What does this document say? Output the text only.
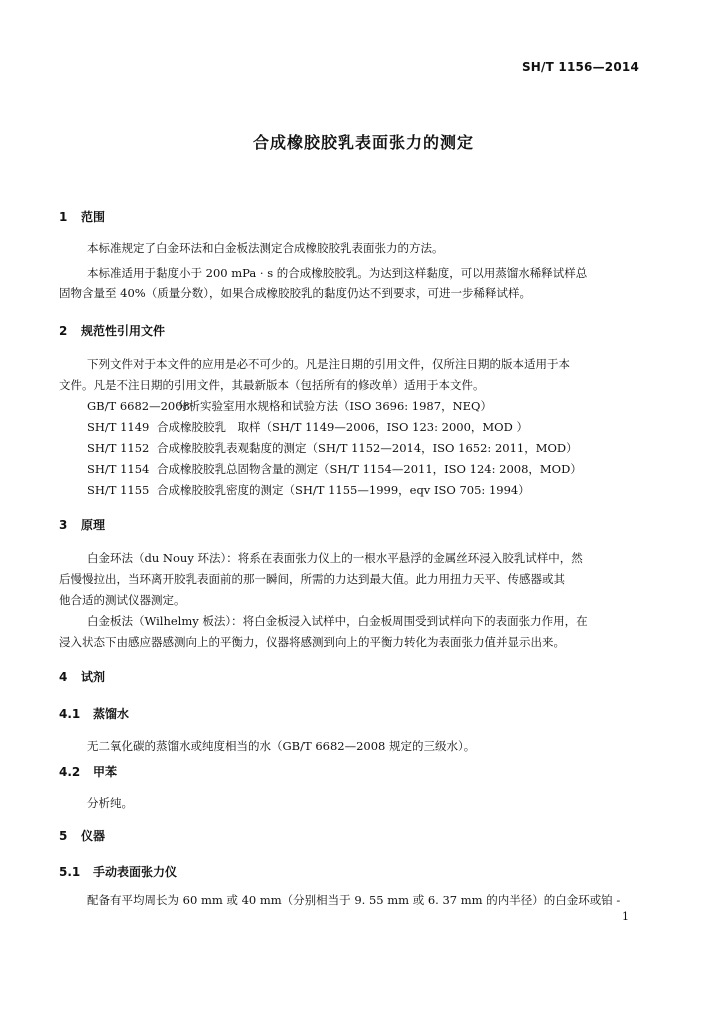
SH/T 1156—2014
合成橡胶胶乳表面张力的测定
1 范围
本标准规定了白金环法和白金板法测定合成橡胶胶乳表面张力的方法。
本标准适用于黏度小于 200 mPa · s 的合成橡胶胶乳。为达到这样黏度，可以用蒸馏水稀释试样总
固物含量至 40%（质量分数），如果合成橡胶胶乳的黏度仍达不到要求，可进一步稀释试样。
2 规范性引用文件
下列文件对于本文件的应用是必不可少的。凡是注日期的引用文件，仅所注日期的版本适用于本
文件。凡是不注日期的引用文件，其最新版本（包括所有的修改单）适用于本文件。
GB/T 6682—2008分析实验室用水规格和试验方法（ISO 3696: 1987，NEQ）
SH/T 1149 合成橡胶胶乳　取样（SH/T 1149—2006，ISO 123: 2000，MOD ）
SH/T 1152 合成橡胶胶乳表观黏度的测定（SH/T 1152—2014，ISO 1652: 2011，MOD）
SH/T 1154 合成橡胶胶乳总固物含量的测定（SH/T 1154—2011，ISO 124: 2008，MOD）
SH/T 1155 合成橡胶胶乳密度的测定（SH/T 1155—1999，eqv ISO 705: 1994）
3 原理
白金环法（du Nouy 环法）：将系在表面张力仪上的一根水平悬浮的金属丝环浸入胶乳试样中，然
后慢慢拉出，当环离开胶乳表面前的那一瞬间，所需的力达到最大值。此力用扭力天平、传感器或其
他合适的测试仪器测定。
白金板法（Wilhelmy 板法）：将白金板浸入试样中，白金板周围受到试样向下的表面张力作用，在
浸入状态下由感应器感测向上的平衡力，仪器将感测到向上的平衡力转化为表面张力值并显示出来。
4 试剂
4.1 蒸馏水
无二氧化碳的蒸馏水或纯度相当的水（GB/T 6682—2008 规定的三级水）。
4.2 甲苯
分析纯。
5 仪器
5.1 手动表面张力仪
配备有平均周长为 60 mm 或 40 mm（分别相当于 9. 55 mm 或 6. 37 mm 的内半径）的白金环或铂 -
1
